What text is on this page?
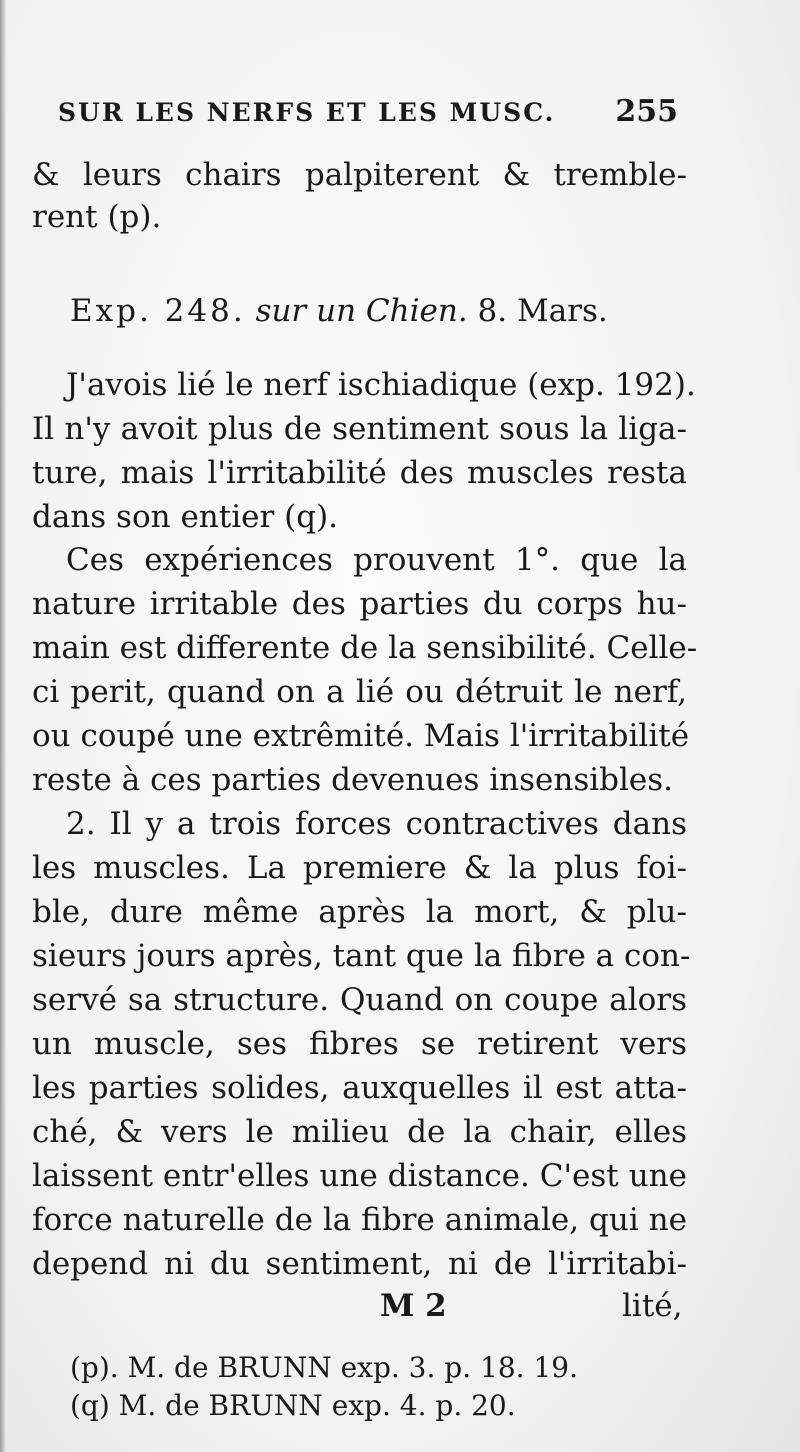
SUR LES NERFS ET LES MUSC. 255
& leurs chairs palpiterent & tremble-
rent (p).
Exp. 248. sur un Chien. 8. Mars.
J'avois lié le nerf ischiadique (exp. 192).
Il n'y avoit plus de sentiment sous la liga-
ture, mais l'irritabilité des muscles resta
dans son entier (q).
Ces expériences prouvent 1°. que la
nature irritable des parties du corps hu-
main est differente de la sensibilité. Celle-
ci perit, quand on a lié ou détruit le nerf,
ou coupé une extrêmité. Mais l'irritabilité
reste à ces parties devenues insensibles.
2. Il y a trois forces contractives dans
les muscles. La premiere & la plus foi-
ble, dure même après la mort, & plu-
sieurs jours après, tant que la fibre a con-
servé sa structure. Quand on coupe alors
un muscle, ses fibres se retirent vers
les parties solides, auxquelles il est atta-
ché, & vers le milieu de la chair, elles
laissent entr'elles une distance. C'est une
force naturelle de la fibre animale, qui ne
depend ni du sentiment, ni de l'irritabi-
M 2	lité,
(p). M. de BRUNN exp. 3. p. 18. 19.
(q) M. de BRUNN exp. 4. p. 20.
